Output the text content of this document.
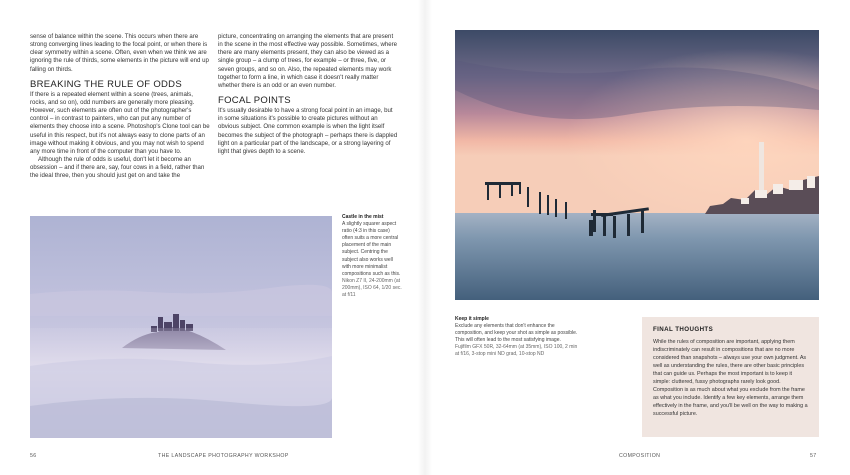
sense of balance within the scene. This occurs when there are strong converging lines leading to the focal point, or when there is clear symmetry within a scene. Often, even when we think we are ignoring the rule of thirds, some elements in the picture will end up falling on thirds.

BREAKING THE RULE OF ODDS

If there is a repeated element within a scene (trees, animals, rocks, and so on), odd numbers are generally more pleasing. However, such elements are often out of the photographer's control – in contrast to painters, who can put any number of elements they choose into a scene. Photoshop's Clone tool can be useful in this respect, but it's not always easy to clone parts of an image without making it obvious, and you may not wish to spend any more time in front of the computer than you have to.

Although the rule of odds is useful, don't let it become an obsession – and if there are, say, four cows in a field, rather than the ideal three, then you should just get on and take the

picture, concentrating on arranging the elements that are present in the scene in the most effective way possible. Sometimes, where there are many elements present, they can also be viewed as a single group – a clump of trees, for example – or three, five, or seven groups, and so on. Also, the repeated elements may work together to form a line, in which case it doesn't really matter whether there is an odd or an even number.

FOCAL POINTS

It's usually desirable to have a strong focal point in an image, but in some situations it's possible to create pictures without an obvious subject. One common example is when the light itself becomes the subject of the photograph – perhaps there is dappled light on a particular part of the landscape, or a strong layering of light that gives depth to a scene.

Castle in the mist
A slightly squarer aspect ratio (4:3 in this case) often suits a more central placement of the main subject. Centring the subject also works well with more minimalist compositions such as this.
Nikon Z7 II, 24-200mm (at 200mm), ISO 64, 1/20 sec. at f/11
Keep it simple
Exclude any elements that don't enhance the composition, and keep your shot as simple as possible. This will often lead to the most satisfying image.
Fujifilm GFX 50R, 32-64mm (at 35mm), ISO 100, 2 min at f/16, 3-stop mini ND grad, 10-stop ND
FINAL THOUGHTS

While the rules of composition are important, applying them indiscriminately can result in compositions that are no more considered than snapshots – always use your own judgment. As well as understanding the rules, there are other basic principles that can guide us. Perhaps the most important is to keep it simple: cluttered, fussy photographs rarely look good. Composition is as much about what you exclude from the frame as what you include. Identify a few key elements, arrange them effectively in the frame, and you'll be well on the way to making a successful picture.

56	THE LANDSCAPE PHOTOGRAPHY WORKSHOP	COMPOSITION	57
